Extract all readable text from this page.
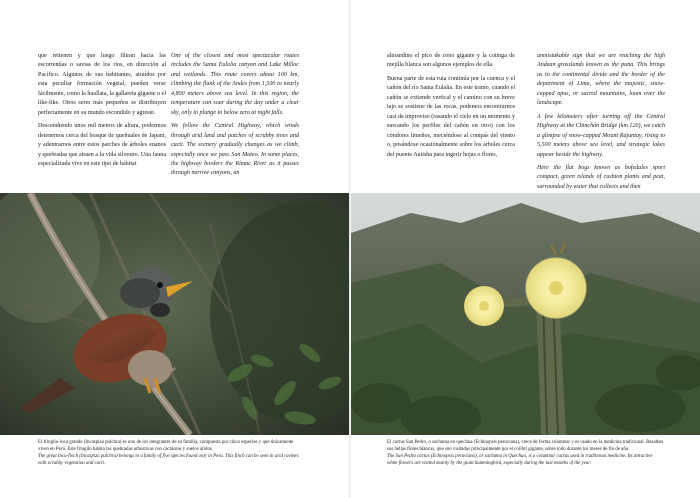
que retienen y que luego filtran hacia las escorrentías o savias de los ríos, en dirección al Pacífico. Algunos de sus habitantes, atraídos por esta peculiar formación vegetal, pueden verse fácilmente, como la huallata, la gallareta gigante o el like-like. Otros seres más pequeños se distribuyen perfectamente en su mundo escondido y agreste.

Descendiendo unos mil metros de altura, podremos detenernos cerca del bosque de queñuales de Japani, y adentrarnos entre estos parches de árboles enanos y quebradas que atraen a la vida silvestre. Una fauna especializada vive en este tipo de hábitat

One of the closest and most spectacular routes includes the Santa Eulalia canyon and Lake Milloc and wetlands. This route covers about 100 km, climbing the flank of the Andes from 1,500 to nearly 4,800 meters above sea level. In this region, the temperature can soar during the day under a clear sky, only to plunge to below zero at night falls.

We follow the Central Highway, which winds through arid land and patches of scrubby trees and cacti. The scenery gradually changes as we climb, especially once we pass San Mateo. In some places, the highway borders the Rímac River as it passes through narrow canyons, an

altoandino el pico de cono gigante y la cotinga de mejilla blanca son algunos ejemplos de ella.

Buena parte de esta ruta continúa por la cuenca y el cañón del río Santa Eulalia. En este tramo, cuando el cañón se extiende vertical y el camino con su breve tajo se sostiene de las rocas, podemos encontrarnos casi de improviso (rasando el cielo en un momento y surcando los perfiles del cañón en otro) con los cóndores limeños, meciéndose al compás del viento o, posándose ocasionalmente sobre los árboles cerca del puente Autisha para ingerir hojas o flores,

unmistakable sign that we are reaching the high Andean grasslands known as the puna. This brings us to the continental divide and the border of the department of Lima, where the majestic, snow-capped apus, or sacred mountains, loom over the landscape.

A few kilometers after turning off the Central Highway at the Chinchán Bridge (km 120), we catch a glimpse of snow-capped Mount Rajuntay, rising to 5,500 meters above sea level, and strategic lakes appear beside the highway.

Here the flat bogs known as bofedales sport compact, green islands of cushion plants and peat, surrounded by water that collects and then

El fringilo-inca grande (Incaspiza pulchra) es uno de los integrantes de su familia, compuesta por cinco especies y que únicamente viven en Perú. Este fringilo habita las quebradas arbustivas con cactáceas y suelos áridos.

The great Inca-finch (Incaspiza pulchra) belongs to a family of five species found only in Peru. This finch can be seen in arid ravines with scrubby vegetation and cacti.

El cactus San Pedro, o sachuma en quechua (Echinopsis peruviana), crece de forma columnar y es usado en la medicina tradicional. Resaltan sus bellas flores blancas, que son visitadas principalmente por el colibrí gigante, sobre todo durante los meses de fin de año.

The San Pedro cactus (Echinopsis peruviana), or sachuma in Quechua, is a columnar cactus used in traditional medicine. Its attractive white flowers are visited mainly by the giant hummingbird, especially during the last months of the year.
